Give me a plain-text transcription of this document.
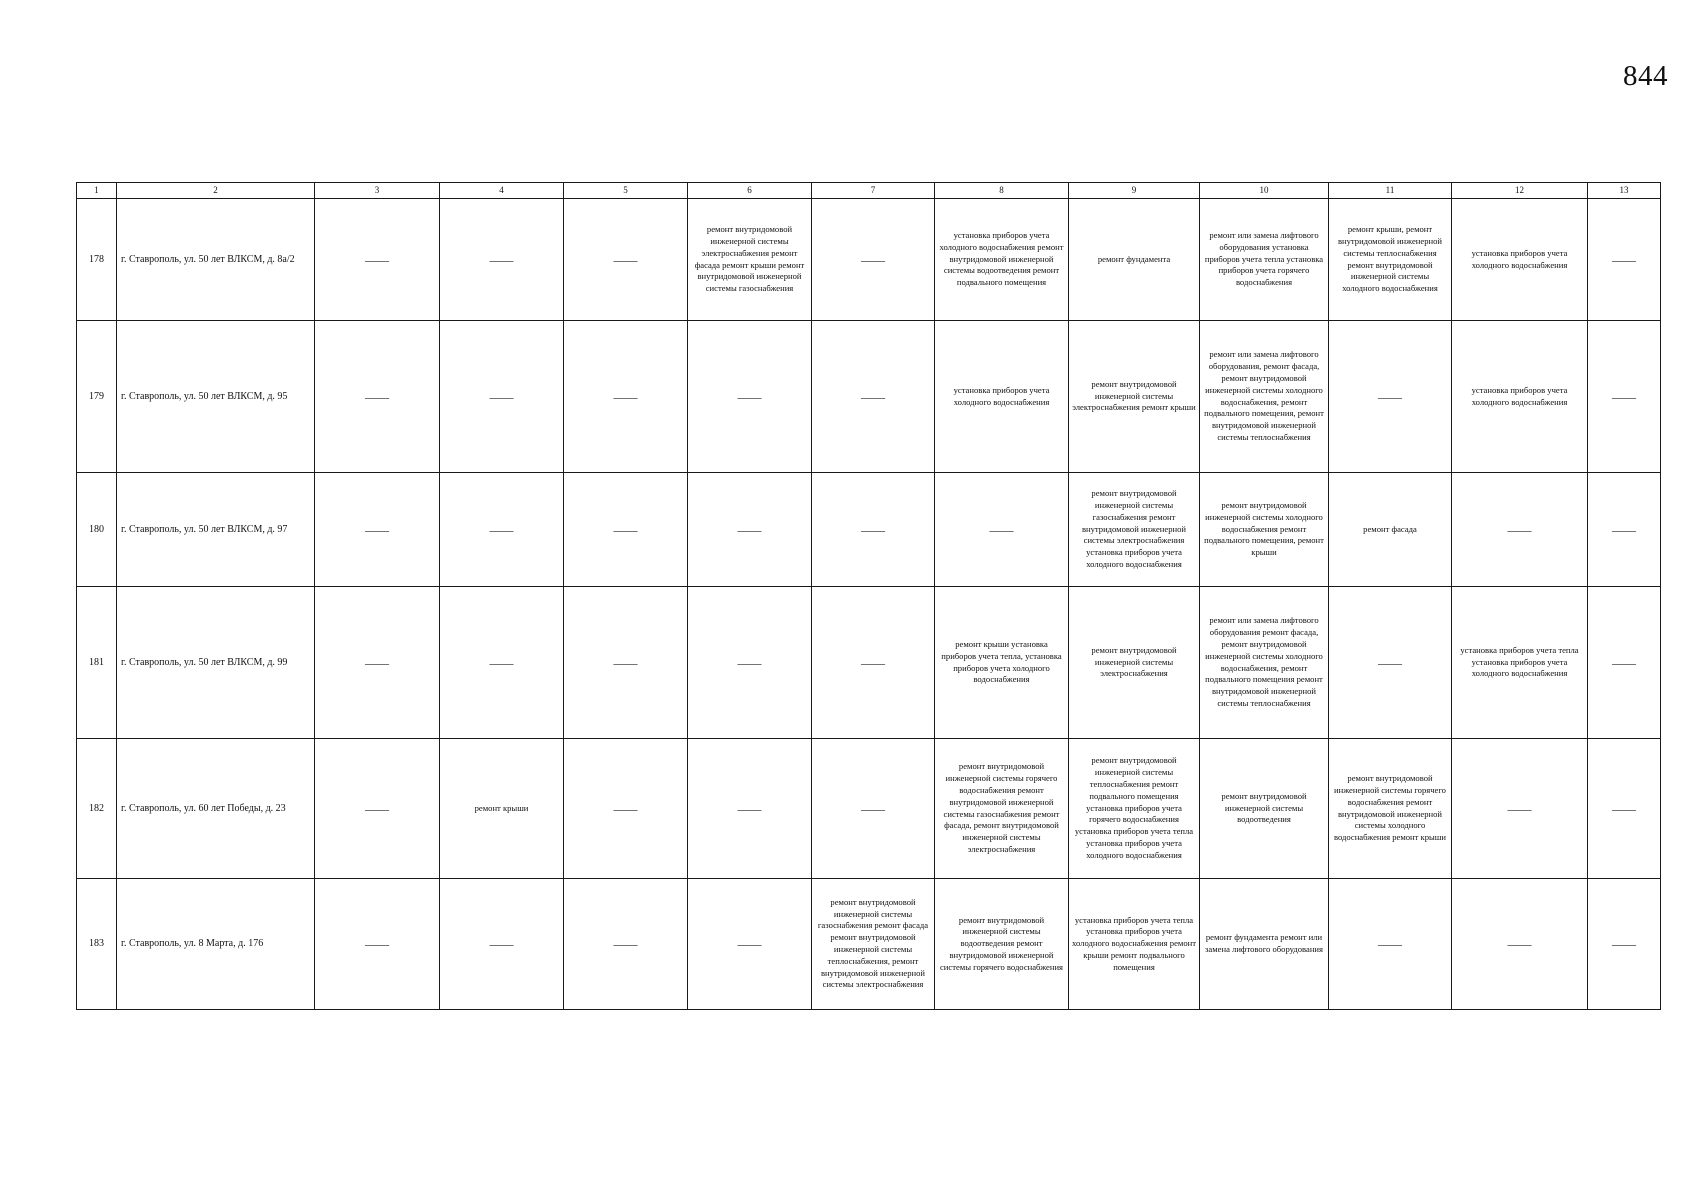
844
1	2	3	4	5	6	7	8	9	10	11	12	13
178	г. Ставрополь, ул. 50 лет ВЛКСМ, д. 8а/2	——	——	——	ремонт внутридомовой инженерной системы электроснабжения ремонт фасада ремонт крыши ремонт внутридомовой инженерной системы газоснабжения	——	установка приборов учета холодного водоснабжения ремонт внутридомовой инженерной системы водоотведения ремонт подвального помещения	ремонт фундамента	ремонт или замена лифтового оборудования установка приборов учета тепла установка приборов учета горячего водоснабжения	ремонт крыши, ремонт внутридомовой инженерной системы теплоснабжения ремонт внутридомовой инженерной системы холодного водоснабжения	установка приборов учета холодного водоснабжения	——
179	г. Ставрополь, ул. 50 лет ВЛКСМ, д. 95	——	——	——	——	——	установка приборов учета холодного водоснабжения	ремонт внутридомовой инженерной системы электроснабжения ремонт крыши	ремонт или замена лифтового оборудования, ремонт фасада, ремонт внутридомовой инженерной системы холодного водоснабжения, ремонт подвального помещения, ремонт внутридомовой инженерной системы теплоснабжения	——	установка приборов учета холодного водоснабжения	——
180	г. Ставрополь, ул. 50 лет ВЛКСМ, д. 97	——	——	——	——	——	——	ремонт внутридомовой инженерной системы газоснабжения ремонт внутридомовой инженерной системы электроснабжения установка приборов учета холодного водоснабжения	ремонт внутридомовой инженерной системы холодного водоснабжения ремонт подвального помещения, ремонт крыши	ремонт фасада	——	——
181	г. Ставрополь, ул. 50 лет ВЛКСМ, д. 99	——	——	——	——	——	ремонт крыши установка приборов учета тепла, установка приборов учета холодного водоснабжения	ремонт внутридомовой инженерной системы электроснабжения	ремонт или замена лифтового оборудования ремонт фасада, ремонт внутридомовой инженерной системы холодного водоснабжения, ремонт подвального помещения ремонт внутридомовой инженерной системы теплоснабжения	——	установка приборов учета тепла установка приборов учета холодного водоснабжения	——
182	г. Ставрополь, ул. 60 лет Победы, д. 23	——	ремонт крыши	——	——	——	ремонт внутридомовой инженерной системы горячего водоснабжения ремонт внутридомовой инженерной системы газоснабжения ремонт фасада, ремонт внутридомовой инженерной системы электроснабжения	ремонт внутридомовой инженерной системы теплоснабжения ремонт подвального помещения установка приборов учета горячего водоснабжения установка приборов учета тепла установка приборов учета холодного водоснабжения	ремонт внутридомовой инженерной системы водоотведения	ремонт внутридомовой инженерной системы горячего водоснабжения ремонт внутридомовой инженерной системы холодного водоснабжения ремонт крыши	——	——
183	г. Ставрополь, ул. 8 Марта, д. 176	——	——	——	——	ремонт внутридомовой инженерной системы газоснабжения ремонт фасада ремонт внутридомовой инженерной системы теплоснабжения, ремонт внутридомовой инженерной системы электроснабжения	ремонт внутридомовой инженерной системы водоотведения ремонт внутридомовой инженерной системы горячего водоснабжения	установка приборов учета тепла установка приборов учета холодного водоснабжения ремонт крыши ремонт подвального помещения	ремонт фундамента ремонт или замена лифтового оборудования	——	——	——
